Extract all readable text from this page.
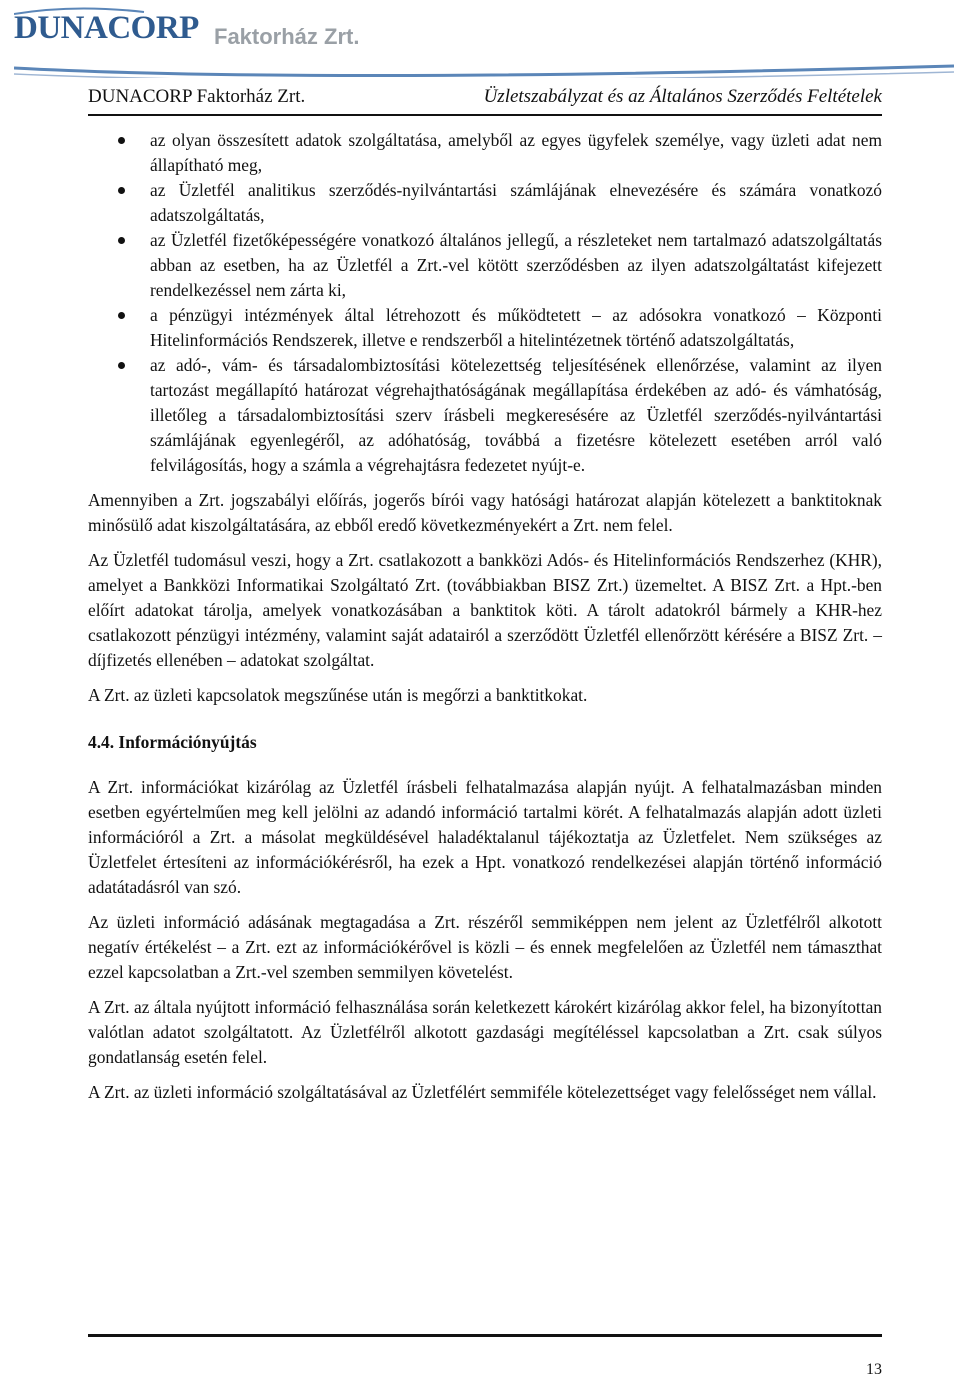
DUNACORP Faktorház Zrt.
DUNACORP Faktorház Zrt.	Üzletszabályzat és az Általános Szerződés Feltételek
az olyan összesített adatok szolgáltatása, amelyből az egyes ügyfelek személye, vagy üzleti adat nem állapítható meg,
az Üzletfél analitikus szerződés-nyilvántartási számlájának elnevezésére és számára vonatkozó adatszolgáltatás,
az Üzletfél fizetőképességére vonatkozó általános jellegű, a részleteket nem tartalmazó adatszolgáltatás abban az esetben, ha az Üzletfél a Zrt.-vel kötött szerződésben az ilyen adatszolgáltatást kifejezett rendelkezéssel nem zárta ki,
a pénzügyi intézmények által létrehozott és működtetett – az adósokra vonatkozó – Központi Hitelinformációs Rendszerek, illetve e rendszerből a hitelintézetnek történő adatszolgáltatás,
az adó-, vám- és társadalombiztosítási kötelezettség teljesítésének ellenőrzése, valamint az ilyen tartozást megállapító határozat végrehajthatóságának megállapítása érdekében az adó- és vámhatóság, illetőleg a társadalombiztosítási szerv írásbeli megkeresésére az Üzletfél szerződés-nyilvántartási számlájának egyenlegéről, az adóhatóság, továbbá a fizetésre kötelezett esetében arról való felvilágosítás, hogy a számla a végrehajtásra fedezetet nyújt-e.

Amennyiben a Zrt. jogszabályi előírás, jogerős bírói vagy hatósági határozat alapján kötelezett a banktitoknak minősülő adat kiszolgáltatására, az ebből eredő következményekért a Zrt. nem felel.

Az Üzletfél tudomásul veszi, hogy a Zrt. csatlakozott a bankközi Adós- és Hitelinformációs Rendszerhez (KHR), amelyet a Bankközi Informatikai Szolgáltató Zrt. (továbbiakban BISZ Zrt.) üzemeltet. A BISZ Zrt. a Hpt.-ben előírt adatokat tárolja, amelyek vonatkozásában a banktitok köti. A tárolt adatokról bármely a KHR-hez csatlakozott pénzügyi intézmény, valamint saját adatairól a szerződött Üzletfél ellenőrzött kérésére a BISZ Zrt. – díjfizetés ellenében – adatokat szolgáltat.

A Zrt. az üzleti kapcsolatok megszűnése után is megőrzi a banktitkokat.

4.4. Információnyújtás

A Zrt. információkat kizárólag az Üzletfél írásbeli felhatalmazása alapján nyújt. A felhatalmazásban minden esetben egyértelműen meg kell jelölni az adandó információ tartalmi körét. A felhatalmazás alapján adott üzleti információról a Zrt. a másolat megküldésével haladéktalanul tájékoztatja az Üzletfelet. Nem szükséges az Üzletfelet értesíteni az információkérésről, ha ezek a Hpt. vonatkozó rendelkezései alapján történő információ adatátadásról van szó.

Az üzleti információ adásának megtagadása a Zrt. részéről semmiképpen nem jelent az Üzletfélről alkotott negatív értékelést – a Zrt. ezt az információkérővel is közli – és ennek megfelelően az Üzletfél nem támaszthat ezzel kapcsolatban a Zrt.-vel szemben semmilyen követelést.

A Zrt. az általa nyújtott információ felhasználása során keletkezett károkért kizárólag akkor felel, ha bizonyítottan valótlan adatot szolgáltatott. Az Üzletfélről alkotott gazdasági megítéléssel kapcsolatban a Zrt. csak súlyos gondatlanság esetén felel.

A Zrt. az üzleti információ szolgáltatásával az Üzletfélért semmiféle kötelezettséget vagy felelősséget nem vállal.

13
